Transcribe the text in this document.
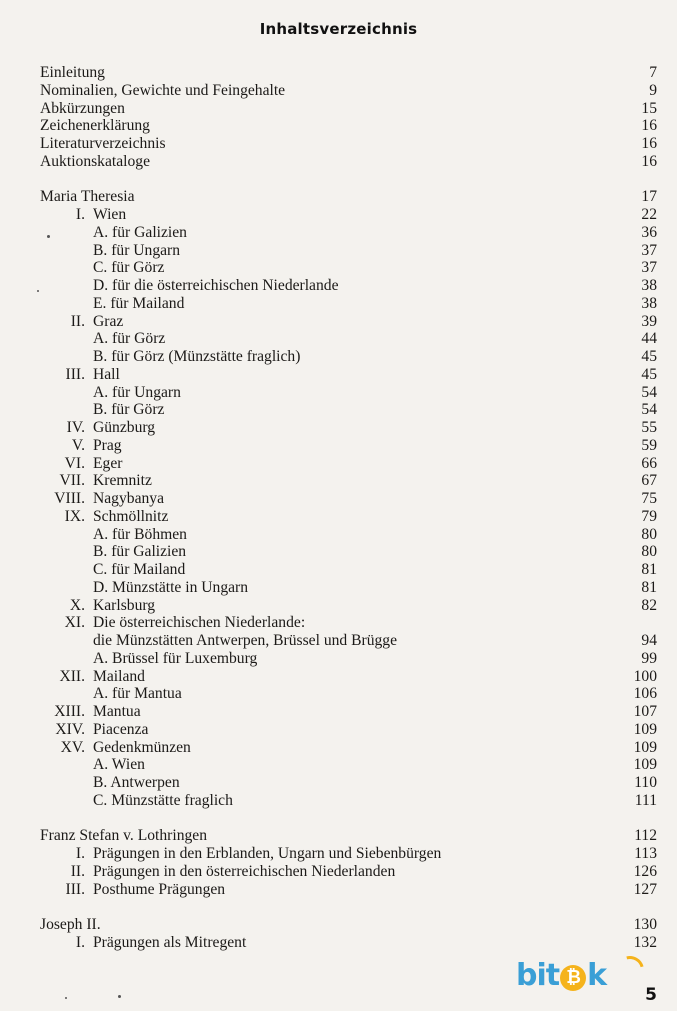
Inhaltsverzeichnis
Einleitung	7
Nominalien, Gewichte und Feingehalte	9
Abkürzungen	15
Zeichenerklärung	16
Literaturverzeichnis	16
Auktionskataloge	16
Maria Theresia	17
I. Wien	22
A. für Galizien	36
B. für Ungarn	37
C. für Görz	37
D. für die österreichischen Niederlande	38
E. für Mailand	38
II. Graz	39
A. für Görz	44
B. für Görz (Münzstätte fraglich)	45
III. Hall	45
A. für Ungarn	54
B. für Görz	54
IV. Günzburg	55
V. Prag	59
VI. Eger	66
VII. Kremnitz	67
VIII. Nagybanya	75
IX. Schmöllnitz	79
A. für Böhmen	80
B. für Galizien	80
C. für Mailand	81
D. Münzstätte in Ungarn	81
X. Karlsburg	82
XI. Die österreichischen Niederlande:
die Münzstätten Antwerpen, Brüssel und Brügge	94
A. Brüssel für Luxemburg	99
XII. Mailand	100
A. für Mantua	106
XIII. Mantua	107
XIV. Piacenza	109
XV. Gedenkmünzen	109
A. Wien	109
B. Antwerpen	110
C. Münzstätte fraglich	111
Franz Stefan v. Lothringen	112
I. Prägungen in den Erblanden, Ungarn und Siebenbürgen	113
II. Prägungen in den österreichischen Niederlanden	126
III. Posthume Prägungen	127
Joseph II.	130
I. Prägungen als Mitregent	132
bit ₿ k
5
